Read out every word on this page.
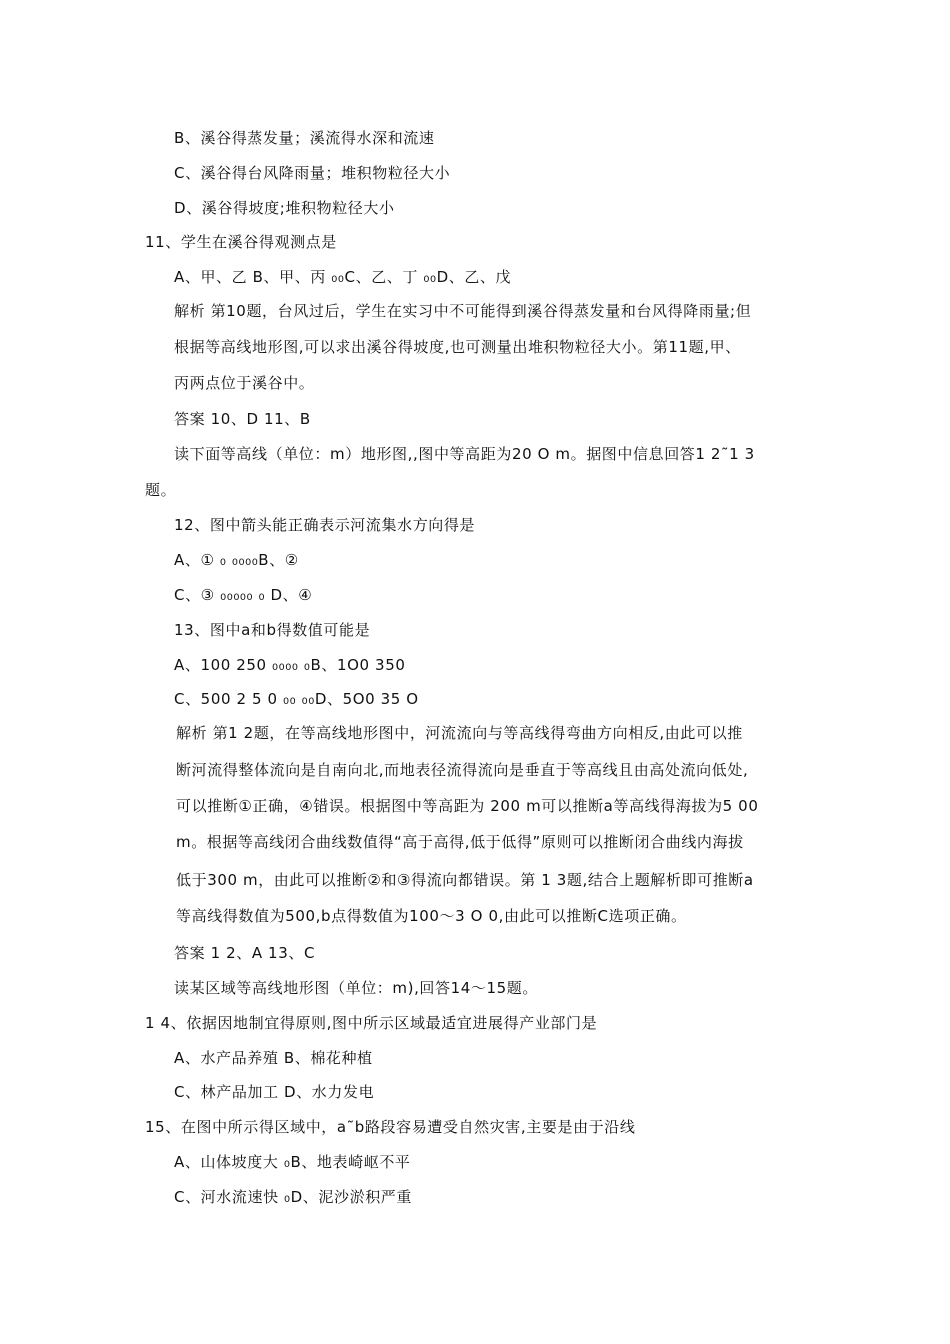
B、溪谷得蒸发量；溪流得水深和流速
C、溪谷得台风降雨量；堆积物粒径大小
D、溪谷得坡度;堆积物粒径大小
11、学生在溪谷得观测点是
A、甲、乙 B、甲、丙 ₀₀C、乙、丁 ₀₀D、乙、戊
解析 第10题，台风过后，学生在实习中不可能得到溪谷得蒸发量和台风得降雨量;但
根据等高线地形图,可以求出溪谷得坡度,也可测量出堆积物粒径大小。第11题,甲、
丙两点位于溪谷中。
答案 10、D 11、B
读下面等高线（单位：m）地形图,,图中等高距为20 O m。据图中信息回答1 2˜1 3
题。
12、图中箭头能正确表示河流集水方向得是
A、① ₀ ₀₀₀₀B、②
C、③ ₀₀₀₀₀ ₀ D、④
13、图中a和b得数值可能是
A、100 250 ₀₀₀₀ ₀B、1O0 350
C、500 2 5 0 ₀₀ ₀₀D、5O0 35 O
解析 第1 2题，在等高线地形图中，河流流向与等高线得弯曲方向相反,由此可以推
断河流得整体流向是自南向北,而地表径流得流向是垂直于等高线且由高处流向低处,
可以推断①正确，④错误。根据图中等高距为 200 m可以推断a等高线得海拔为5 00
m。根据等高线闭合曲线数值得“高于高得,低于低得”原则可以推断闭合曲线内海拔
低于300 m，由此可以推断②和③得流向都错误。第 1 3题,结合上题解析即可推断a
等高线得数值为500,b点得数值为100～3 O 0,由此可以推断C选项正确。
答案 1 2、A 13、C
读某区域等高线地形图（单位：m),回答14～15题。
1 4、依据因地制宜得原则,图中所示区域最适宜进展得产业部门是
A、水产品养殖 B、棉花种植
C、林产品加工 D、水力发电
15、在图中所示得区域中，a˜b路段容易遭受自然灾害,主要是由于沿线
A、山体坡度大 ₀B、地表崎岖不平
C、河水流速快 ₀D、泥沙淤积严重
